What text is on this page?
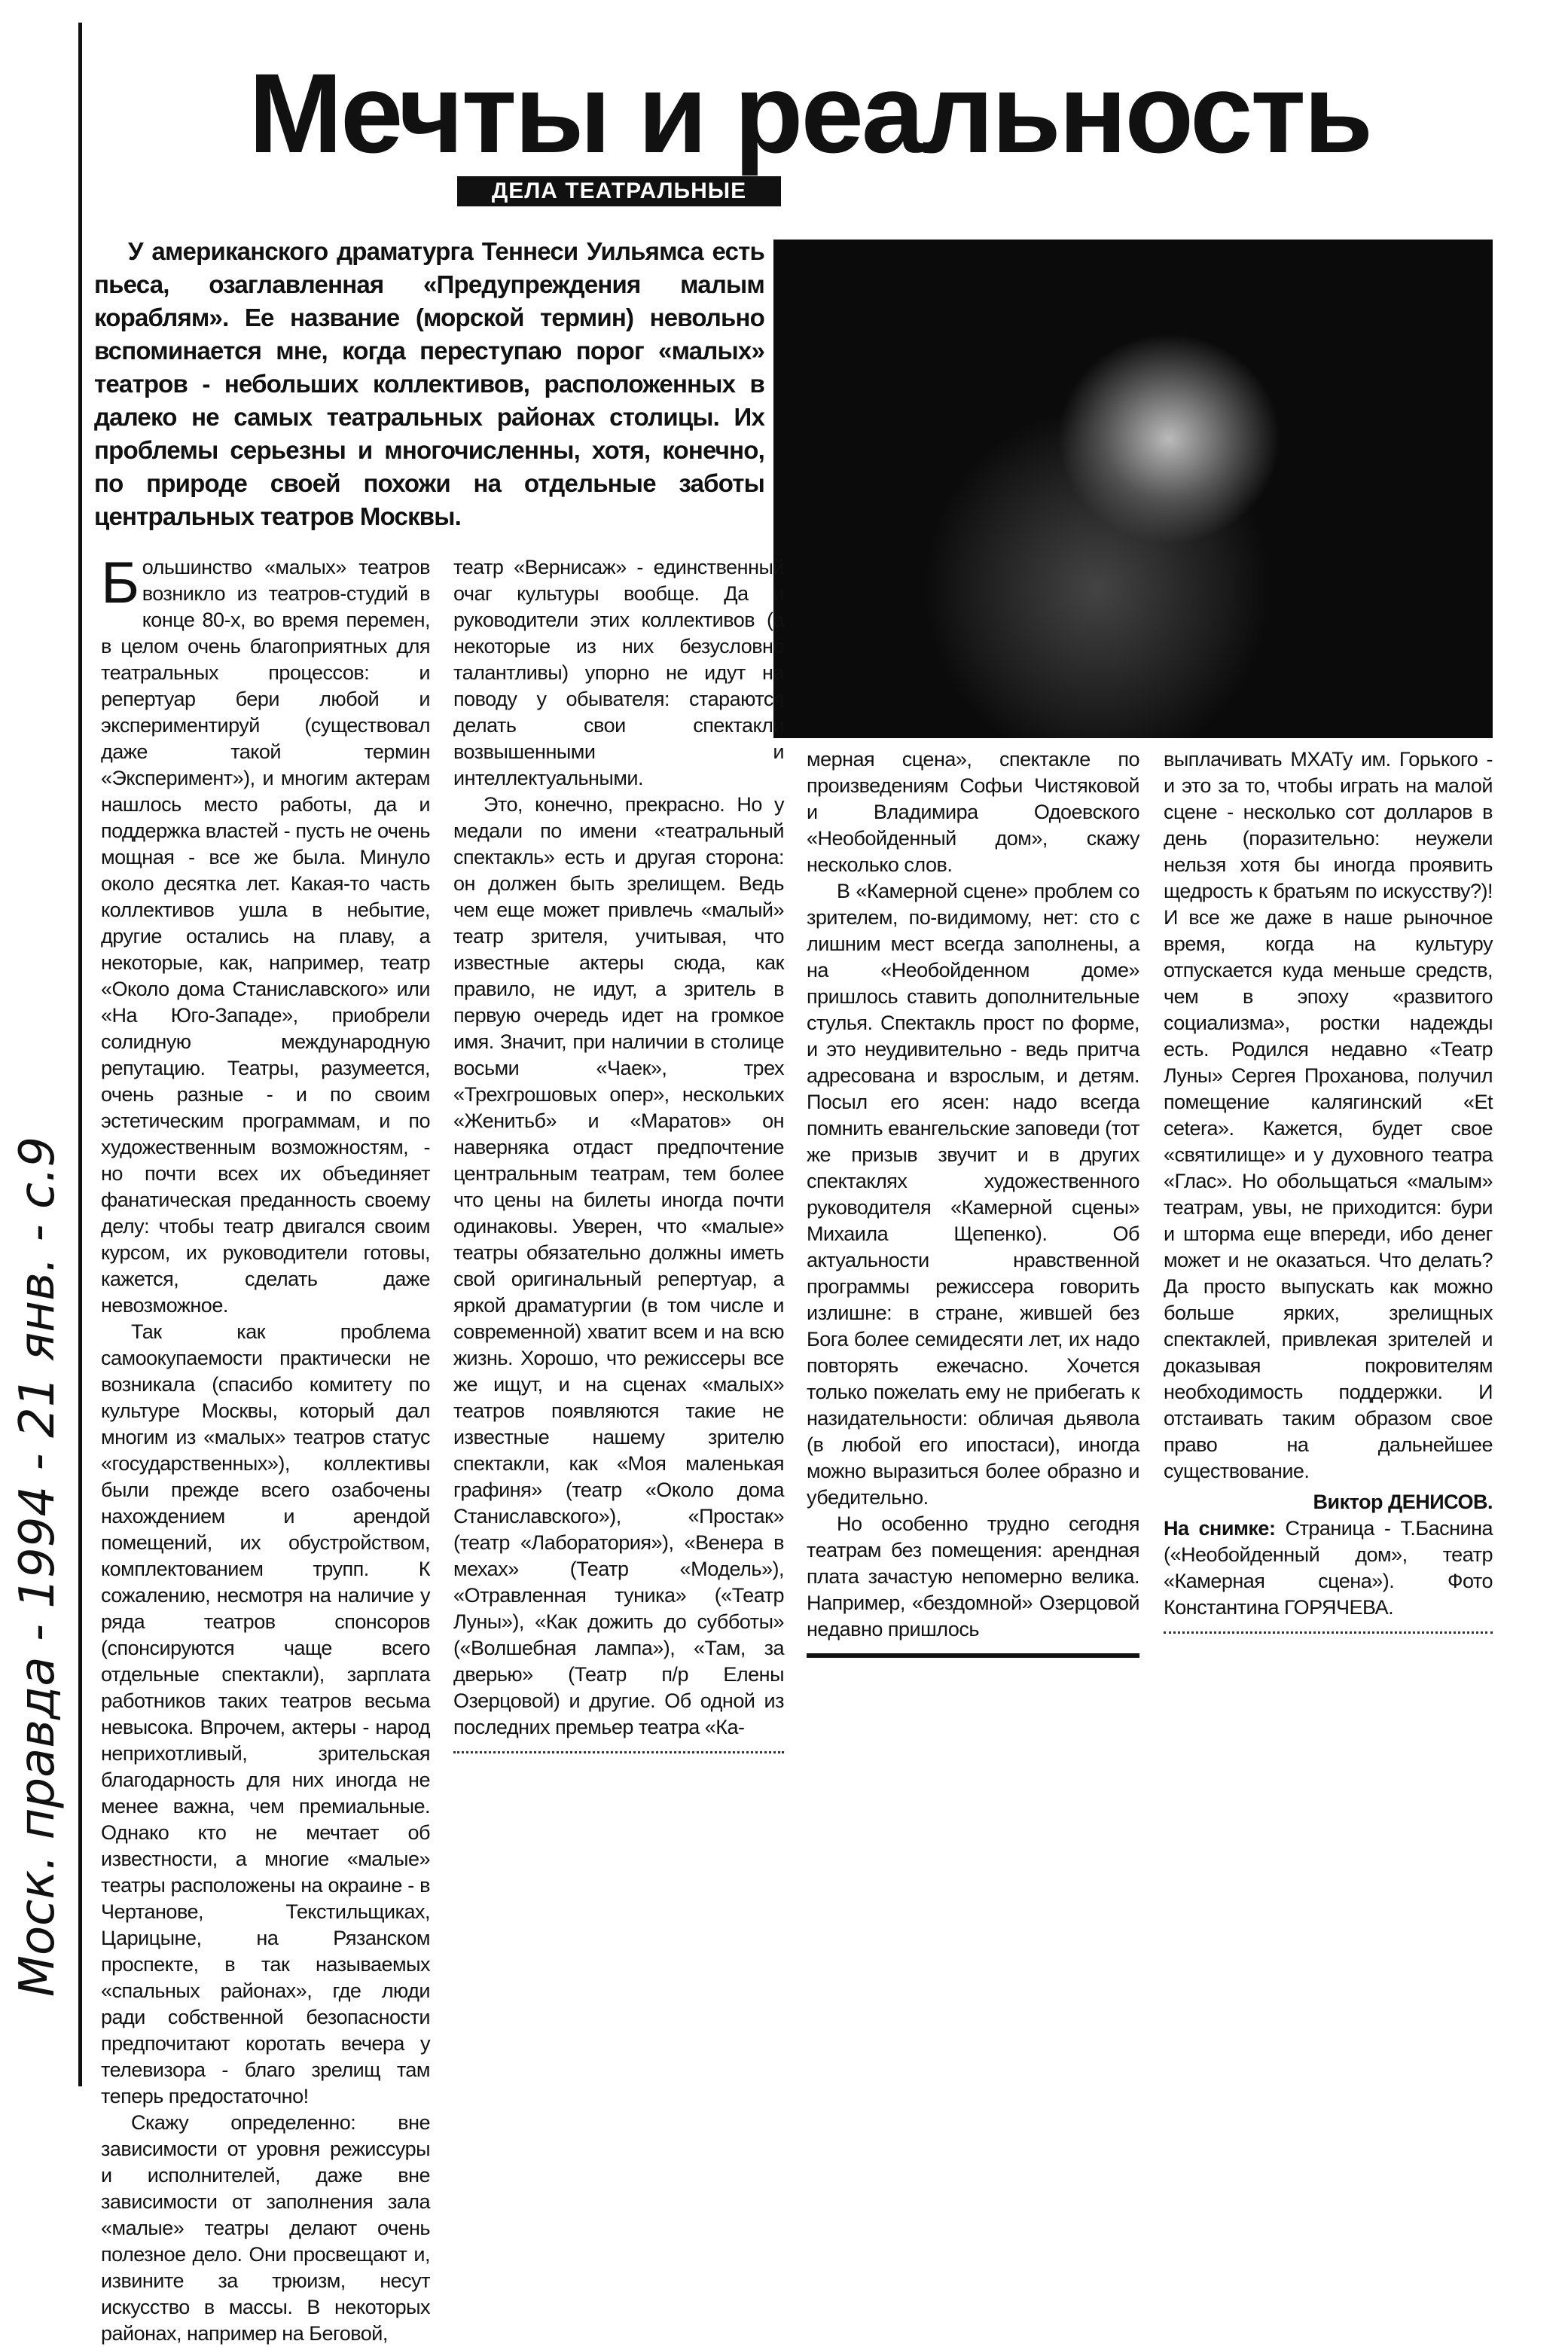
Моск. правда - 1994 - 21 янв. - с.9
Мечты и реальность
ДЕЛА ТЕАТРАЛЬНЫЕ
У американского драматурга Теннеси Уильямса есть пьеса, озаглавленная «Предупреждения малым кораблям». Ее название (морской термин) невольно вспоминается мне, когда переступаю порог «малых» театров - небольших коллективов, расположенных в далеко не самых театральных районах столицы. Их проблемы серьезны и многочисленны, хотя, конечно, по природе своей похожи на отдельные заботы центральных театров Москвы.

Большинство «малых» театров возникло из театров-студий в конце 80-х, во время перемен, в целом очень благоприятных для театральных процессов: и репертуар бери любой и экспериментируй (существовал даже такой термин «Эксперимент»), и многим актерам нашлось место работы, да и поддержка властей - пусть не очень мощная - все же была. Минуло около десятка лет. Какая-то часть коллективов ушла в небытие, другие остались на плаву, а некоторые, как, например, театр «Около дома Станиславского» или «На Юго-Западе», приобрели солидную международную репутацию. Театры, разумеется, очень разные - и по своим эстетическим программам, и по художественным возможностям, - но почти всех их объединяет фанатическая преданность своему делу: чтобы театр двигался своим курсом, их руководители готовы, кажется, сделать даже невозможное.

Так как проблема самоокупаемости практически не возникала (спасибо комитету по культуре Москвы, который дал многим из «малых» театров статус «государственных»), коллективы были прежде всего озабочены нахождением и арендой помещений, их обустройством, комплектованием трупп. К сожалению, несмотря на наличие у ряда театров спонсоров (спонсируются чаще всего отдельные спектакли), зарплата работников таких театров весьма невысока. Впрочем, актеры - народ неприхотливый, зрительская благодарность для них иногда не менее важна, чем премиальные. Однако кто не мечтает об известности, а многие «малые» театры расположены на окраине - в Чертанове, Текстильщиках, Царицыне, на Рязанском проспекте, в так называемых «спальных районах», где люди ради собственной безопасности предпочитают коротать вечера у телевизора - благо зрелищ там теперь предостаточно!

Скажу определенно: вне зависимости от уровня режиссуры и исполнителей, даже вне зависимости от заполнения зала «малые» театры делают очень полезное дело. Они просвещают и, извините за трюизм, несут искусство в массы. В некоторых районах, например на Беговой,

театр «Вернисаж» - единственный очаг культуры вообще. Да и руководители этих коллективов (а некоторые из них безусловно талантливы) упорно не идут на поводу у обывателя: стараются делать свои спектакли возвышенными и интеллектуальными.

Это, конечно, прекрасно. Но у медали по имени «театральный спектакль» есть и другая сторона: он должен быть зрелищем. Ведь чем еще может привлечь «малый» театр зрителя, учитывая, что известные актеры сюда, как правило, не идут, а зритель в первую очередь идет на громкое имя. Значит, при наличии в столице восьми «Чаек», трех «Трехгрошовых опер», нескольких «Женитьб» и «Маратов» он наверняка отдаст предпочтение центральным театрам, тем более что цены на билеты иногда почти одинаковы. Уверен, что «малые» театры обязательно должны иметь свой оригинальный репертуар, а яркой драматургии (в том числе и современной) хватит всем и на всю жизнь. Хорошо, что режиссеры все же ищут, и на сценах «малых» театров появляются такие не известные нашему зрителю спектакли, как «Моя маленькая графиня» (театр «Около дома Станиславского»), «Простак» (театр «Лаборатория»), «Венера в мехах» (Театр «Модель»), «Отравленная туника» («Театр Луны»), «Как дожить до субботы» («Волшебная лампа»), «Там, за дверью» (Театр п/р Елены Озерцовой) и другие. Об одной из последних премьер театра «Ка-

мерная сцена», спектакле по произведениям Софьи Чистяковой и Владимира Одоевского «Необойденный дом», скажу несколько слов.

В «Камерной сцене» проблем со зрителем, по-видимому, нет: сто с лишним мест всегда заполнены, а на «Необойденном доме» пришлось ставить дополнительные стулья. Спектакль прост по форме, и это неудивительно - ведь притча адресована и взрослым, и детям. Посыл его ясен: надо всегда помнить евангельские заповеди (тот же призыв звучит и в других спектаклях художественного руководителя «Камерной сцены» Михаила Щепенко). Об актуальности нравственной программы режиссера говорить излишне: в стране, жившей без Бога более семидесяти лет, их надо повторять ежечасно. Хочется только пожелать ему не прибегать к назидательности: обличая дьявола (в любой его ипостаси), иногда можно выразиться более образно и убедительно.

Но особенно трудно сегодня театрам без помещения: арендная плата зачастую непомерно велика. Например, «бездомной» Озерцовой недавно пришлось

выплачивать МХАТу им. Горького - и это за то, чтобы играть на малой сцене - несколько сот долларов в день (поразительно: неужели нельзя хотя бы иногда проявить щедрость к братьям по искусству?)! И все же даже в наше рыночное время, когда на культуру отпускается куда меньше средств, чем в эпоху «развитого социализма», ростки надежды есть. Родился недавно «Театр Луны» Сергея Проханова, получил помещение калягинский «Et cetera». Кажется, будет свое «святилище» и у духовного театра «Глас». Но обольщаться «малым» театрам, увы, не приходится: бури и шторма еще впереди, ибо денег может и не оказаться. Что делать? Да просто выпускать как можно больше ярких, зрелищных спектаклей, привлекая зрителей и доказывая покровителям необходимость поддержки. И отстаивать таким образом свое право на дальнейшее существование.

Виктор ДЕНИСОВ.

На снимке: Страница - Т.Баснина («Необойденный дом», театр «Камерная сцена»). Фото Константина ГОРЯЧЕВА.
